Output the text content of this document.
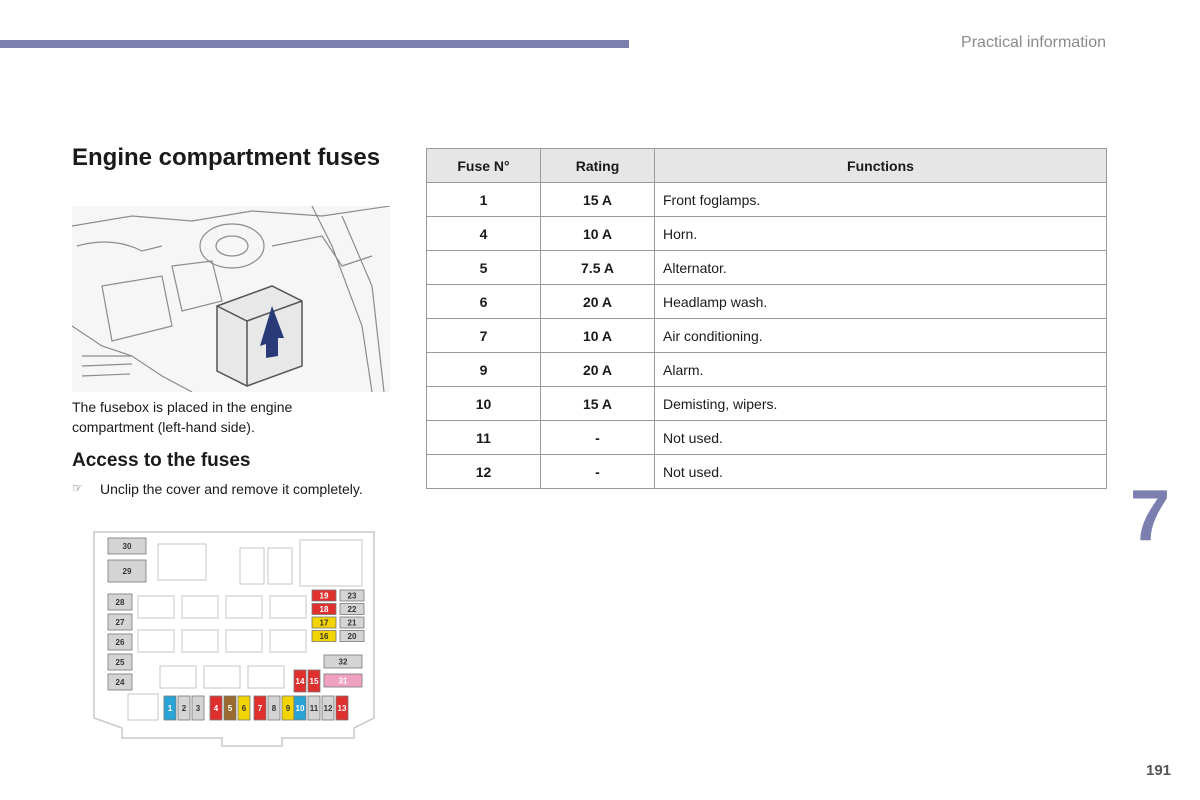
Practical information
Engine compartment fuses

The fusebox is placed in the engine compartment (left-hand side).

Access to the fuses
☞	Unclip the cover and remove it completely.
30
29
28
27
26
25
24
19 23
18 22
17 21
16 20
32
14 15	31
1 2 3 4 5 6 7 8 9 10 11 12 13
Fuse N°	Rating	Functions
1	15 A	Front foglamps.
4	10 A	Horn.
5	7.5 A	Alternator.
6	20 A	Headlamp wash.
7	10 A	Air conditioning.
9	20 A	Alarm.
10	15 A	Demisting, wipers.
11	-	Not used.
12	-	Not used.
7
191
